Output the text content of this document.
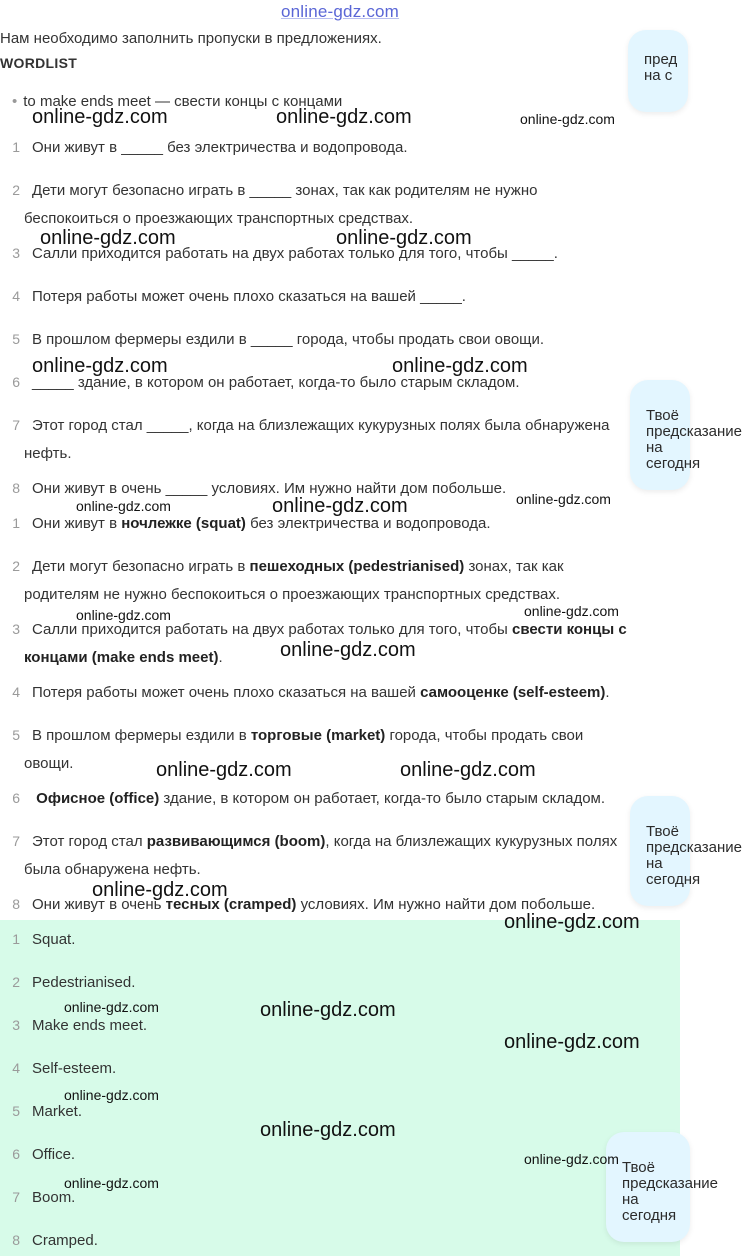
online-gdz.com
Нам необходимо заполнить пропуски в предложениях.
WORDLIST
• to make ends meet — свести концы с концами
1 Они живут в _____ без электричества и водопровода.
2 Дети могут безопасно играть в _____ зонах, так как родителям не нужно
беспокоиться о проезжающих транспортных средствах.
3 Салли приходится работать на двух работах только для того, чтобы _____.
4 Потеря работы может очень плохо сказаться на вашей _____.
5 В прошлом фермеры ездили в _____ города, чтобы продать свои овощи.
6 _____ здание, в котором он работает, когда-то было старым складом.
7 Этот город стал _____, когда на близлежащих кукурузных полях была обнаружена
нефть.
8 Они живут в очень _____ условиях. Им нужно найти дом побольше.
1 Они живут в ночлежке (squat) без электричества и водопровода.
2 Дети могут безопасно играть в пешеходных (pedestrianised) зонах, так как
родителям не нужно беспокоиться о проезжающих транспортных средствах.
3 Салли приходится работать на двух работах только для того, чтобы свести концы с
концами (make ends meet).
4 Потеря работы может очень плохо сказаться на вашей самооценке (self-esteem).
5 В прошлом фермеры ездили в торговые (market) города, чтобы продать свои
овощи.
6 Офисное (office) здание, в котором он работает, когда-то было старым складом.
7 Этот город стал развивающимся (boom), когда на близлежащих кукурузных полях
была обнаружена нефть.
8 Они живут в очень тесных (cramped) условиях. Им нужно найти дом побольше.
1 Squat.
2 Pedestrianised.
3 Make ends meet.
4 Self-esteem.
5 Market.
6 Office.
7 Boom.
8 Cramped.
пред
на с
Твоё
предсказание
на сегодня
Твоё
предсказание
на сегодня
Твоё
предсказание
на сегодня
online-gdz.com	online-gdz.com	online-gdz.com
online-gdz.com	online-gdz.com
online-gdz.com	online-gdz.com
online-gdz.com	online-gdz.com	online-gdz.com
online-gdz.com	online-gdz.com
online-gdz.com
online-gdz.com	online-gdz.com
online-gdz.com
online-gdz.com
online-gdz.com	online-gdz.com
online-gdz.com
online-gdz.com
online-gdz.com
online-gdz.com
online-gdz.com
